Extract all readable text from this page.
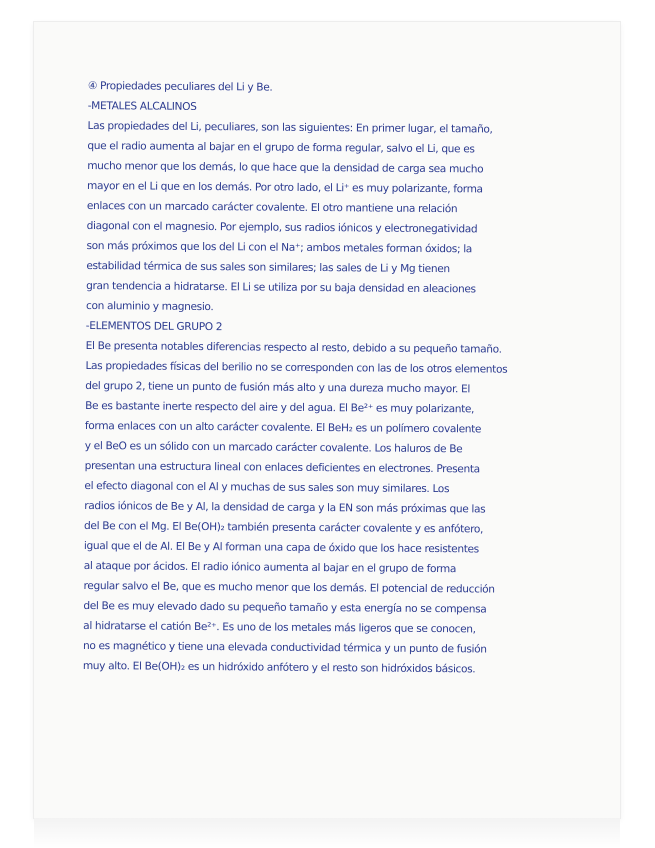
④ Propiedades peculiares del Li y Be.
-METALES ALCALINOS
Las propiedades del Li, peculiares, son las siguientes: En primer lugar, el tamaño,
que el radio aumenta al bajar en el grupo de forma regular, salvo el Li, que es
mucho menor que los demás, lo que hace que la densidad de carga sea mucho
mayor en el Li que en los demás. Por otro lado, el Li⁺ es muy polarizante, forma
enlaces con un marcado carácter covalente. El otro mantiene una relación
diagonal con el magnesio. Por ejemplo, sus radios iónicos y electronegatividad
son más próximos que los del Li con el Na⁺; ambos metales forman óxidos; la
estabilidad térmica de sus sales son similares; las sales de Li y Mg tienen
gran tendencia a hidratarse. El Li se utiliza por su baja densidad en aleaciones
con aluminio y magnesio.
-ELEMENTOS DEL GRUPO 2
El Be presenta notables diferencias respecto al resto, debido a su pequeño tamaño.
Las propiedades físicas del berilio no se corresponden con las de los otros elementos
del grupo 2, tiene un punto de fusión más alto y una dureza mucho mayor. El
Be es bastante inerte respecto del aire y del agua. El Be²⁺ es muy polarizante,
forma enlaces con un alto carácter covalente. El BeH₂ es un polímero covalente
y el BeO es un sólido con un marcado carácter covalente. Los haluros de Be
presentan una estructura lineal con enlaces deficientes en electrones. Presenta
el efecto diagonal con el Al y muchas de sus sales son muy similares. Los
radios iónicos de Be y Al, la densidad de carga y la EN son más próximas que las
del Be con el Mg. El Be(OH)₂ también presenta carácter covalente y es anfótero,
igual que el de Al. El Be y Al forman una capa de óxido que los hace resistentes
al ataque por ácidos. El radio iónico aumenta al bajar en el grupo de forma
regular salvo el Be, que es mucho menor que los demás. El potencial de reducción
del Be es muy elevado dado su pequeño tamaño y esta energía no se compensa
al hidratarse el catión Be²⁺. Es uno de los metales más ligeros que se conocen,
no es magnético y tiene una elevada conductividad térmica y un punto de fusión
muy alto. El Be(OH)₂ es un hidróxido anfótero y el resto son hidróxidos básicos.
